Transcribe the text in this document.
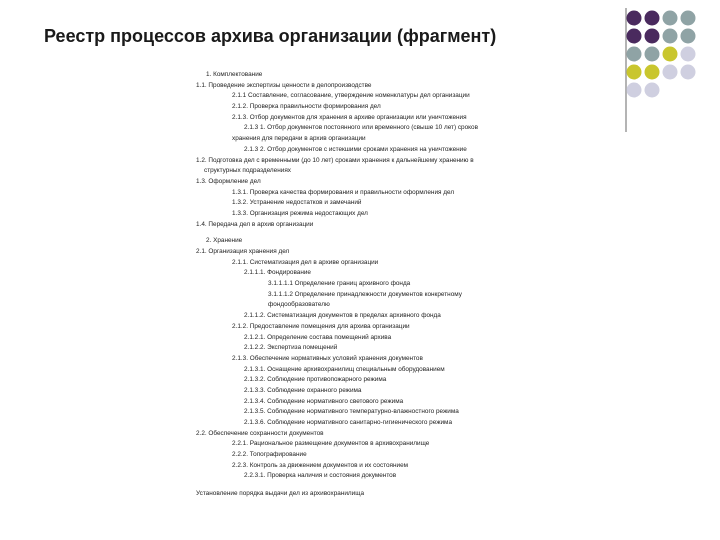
Реестр процессов архива организации (фрагмент)
1. Комплектование
1.1. Проведение экспертизы ценности в делопроизводстве
2.1.1 Составление, согласование, утверждение номенклатуры дел организации
2.1.2. Проверка правильности формирования дел
2.1.3. Отбор документов для хранения в архиве организации или уничтожения
2.1.3 1. Отбор документов постоянного или временного (свыше 10 лет) сроков
хранения для передачи в архив организации
2.1.3 2. Отбор документов с истекшими сроками хранения на уничтожение
1.2. Подготовка дел с временными (до 10 лет) сроками хранения к дальнейшему хранению в
структурных подразделениях
1.3. Оформление дел
1.3.1. Проверка качества формирования и правильности оформления дел
1.3.2. Устранение недостатков и замечаний
1.3.3. Организация режима недостающих дел
1.4. Передача дел в архив организации
2. Хранение
2.1. Организация хранения дел
2.1.1. Систематизация дел в архиве организации
2.1.1.1. Фондирование
3.1.1.1.1 Определение границ архивного фонда
3.1.1.1.2 Определение принадлежности документов конкретному
фондообразователю
2.1.1.2. Систематизация документов в пределах архивного фонда
2.1.2. Предоставление помещения для архива организации
2.1.2.1. Определение состава помещений архива
2.1.2.2. Экспертиза помещений
2.1.3. Обеспечение нормативных условий хранения документов
2.1.3.1. Оснащение архивохранилищ специальным оборудованием
2.1.3.2. Соблюдение противопожарного режима
2.1.3.3. Соблюдение охранного режима
2.1.3.4. Соблюдение нормативного светового режима
2.1.3.5. Соблюдение нормативного температурно-влажностного режима
2.1.3.6. Соблюдение нормативного санитарно-гигиенического режима
2.2. Обеспечение сохранности документов
2.2.1. Рациональное размещение документов в архивохранилище
2.2.2. Топографирование
2.2.3. Контроль за движением документов и их состоянием
2.2.3.1. Проверка наличия и состояния документов
Установление порядка выдачи дел из архивохранилища
